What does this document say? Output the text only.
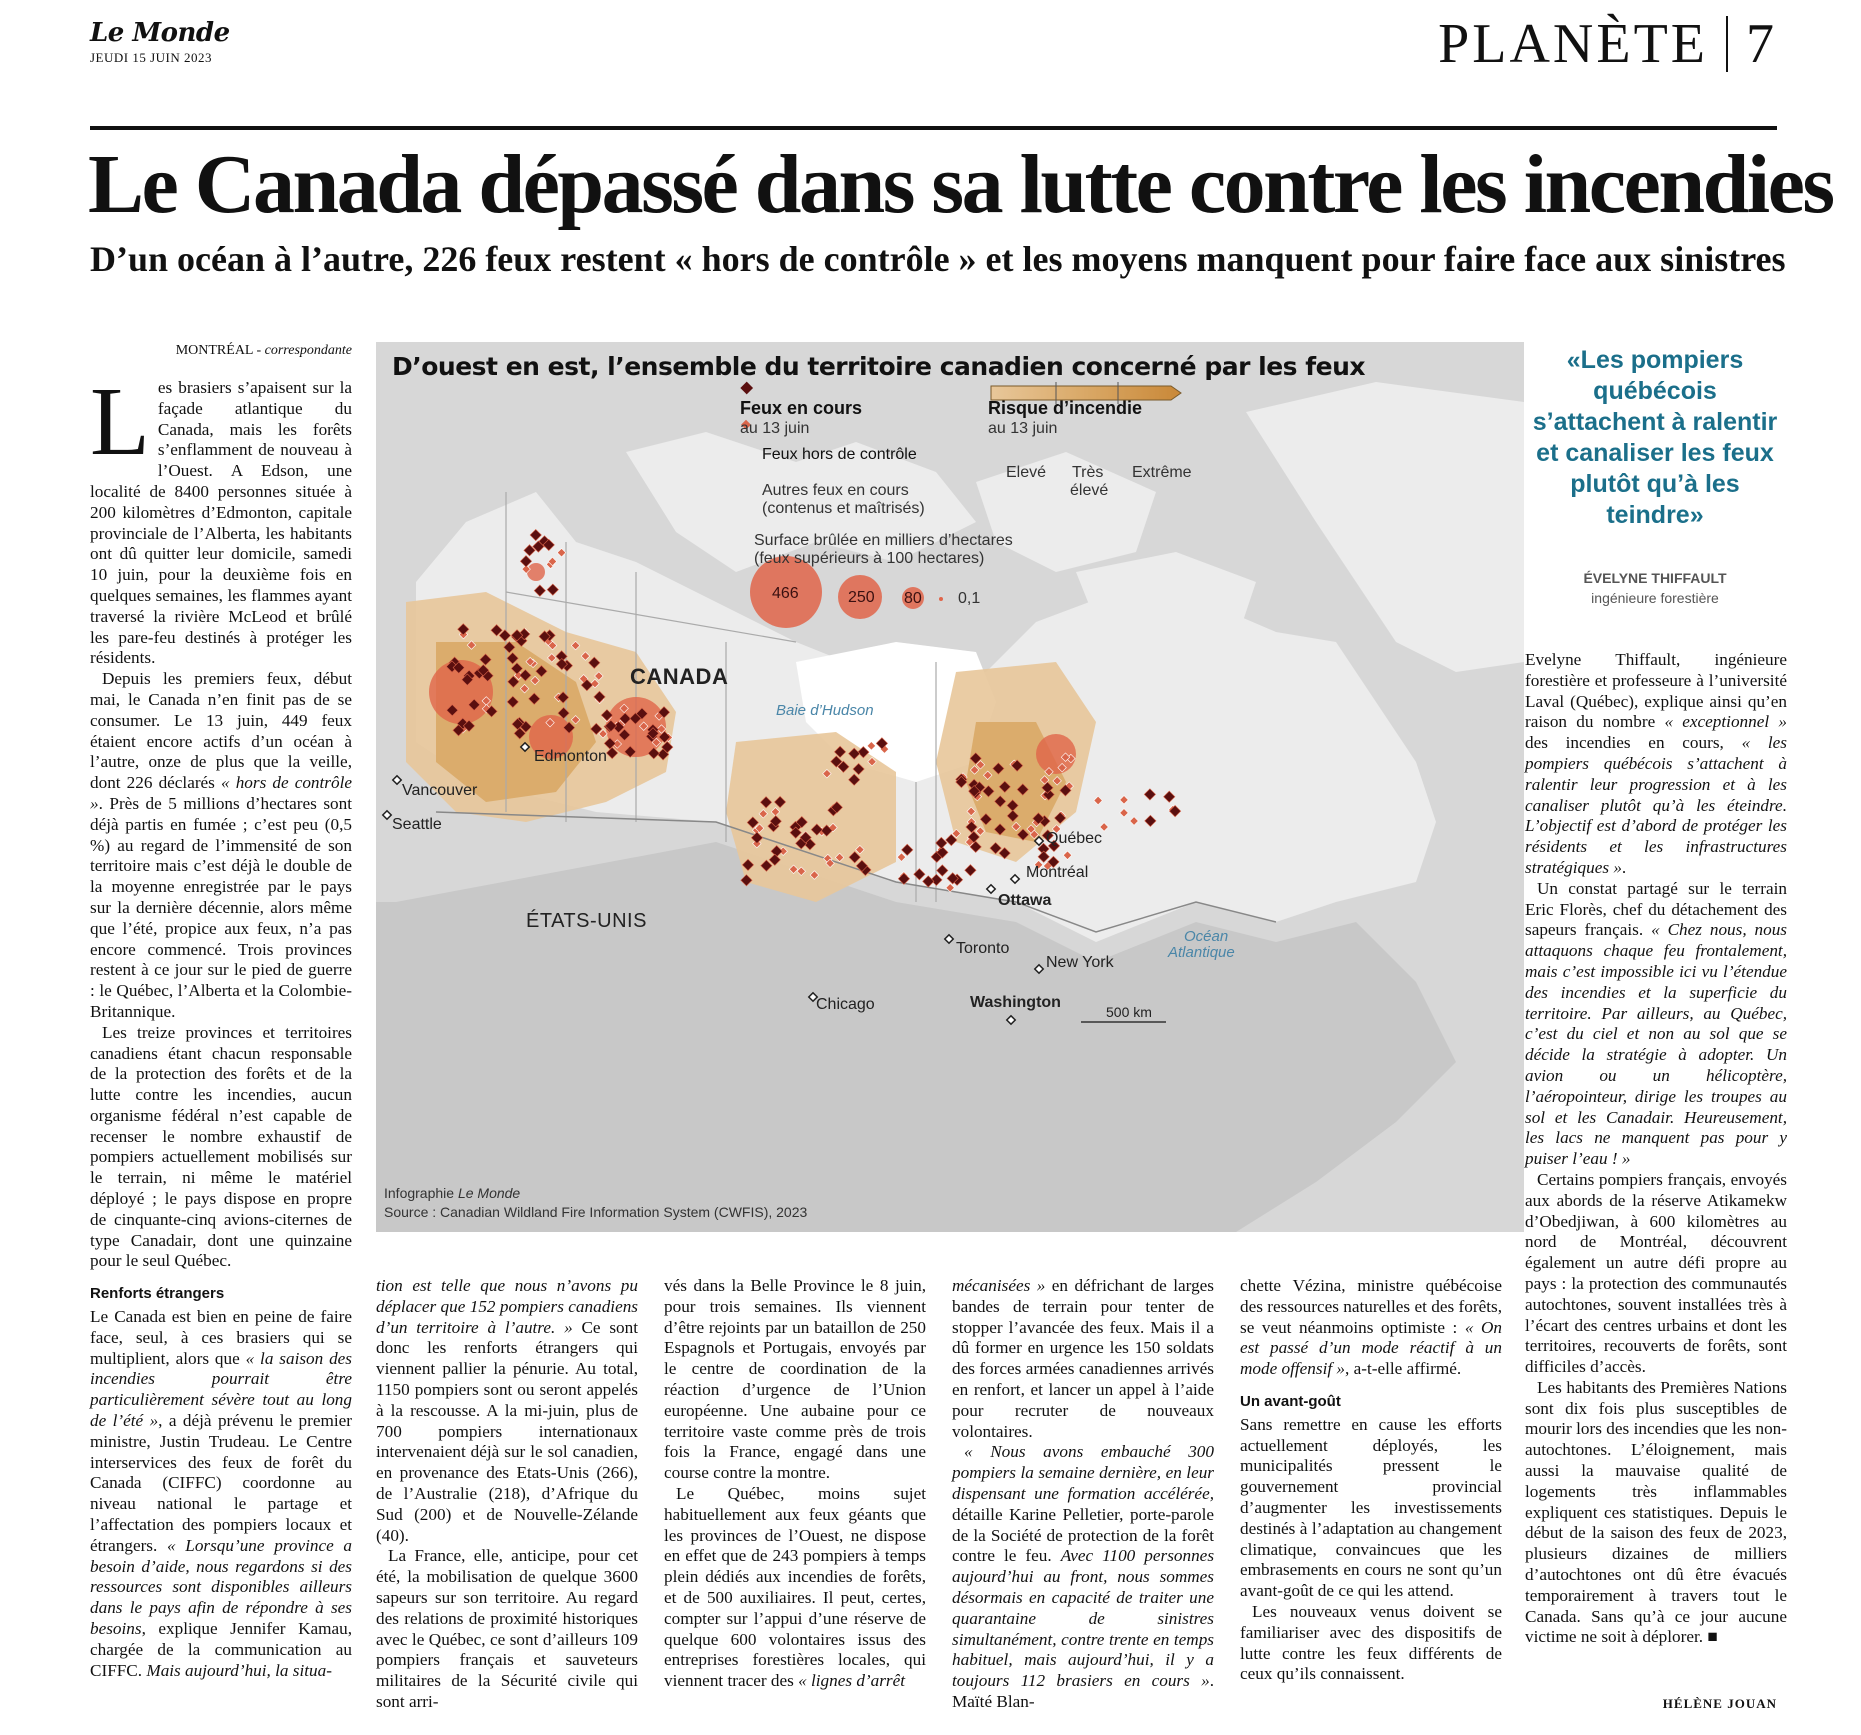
Le Monde
JEUDI 15 JUIN 2023	PLANÈTE 7
Le Canada dépassé dans sa lutte contre les incendies
D’un océan à l’autre, 226 feux restent « hors de contrôle » et les moyens manquent pour faire face aux sinistres
MONTRÉAL - correspondante

Les brasiers s’apaisent sur la façade atlantique du Canada, mais les forêts s’enflamment de nouveau à l’Ouest. A Edson, une localité de 8400 personnes située à 200 kilomètres d’Edmonton, capitale provinciale de l’Alberta, les habitants ont dû quitter leur domicile, samedi 10 juin, pour la deuxième fois en quelques semaines, les flammes ayant traversé la rivière McLeod et brûlé les pare-feu destinés à protéger les résidents.

Depuis les premiers feux, début mai, le Canada n’en finit pas de se consumer. Le 13 juin, 449 feux étaient encore actifs d’un océan à l’autre, onze de plus que la veille, dont 226 déclarés « hors de contrôle ». Près de 5 millions d’hectares sont déjà partis en fumée ; c’est peu (0,5 %) au regard de l’immensité de son territoire mais c’est déjà le double de la moyenne enregistrée par le pays sur la dernière décennie, alors même que l’été, propice aux feux, n’a pas encore commencé. Trois provinces restent à ce jour sur le pied de guerre : le Québec, l’Alberta et la Colombie-Britannique.

Les treize provinces et territoires canadiens étant chacun responsable de la protection des forêts et de la lutte contre les incendies, aucun organisme fédéral n’est capable de recenser le nombre exhaustif de pompiers actuellement mobilisés sur le terrain, ni même le matériel déployé ; le pays dispose en propre de cinquante-cinq avions-citernes de type Canadair, dont une quinzaine pour le seul Québec.

Renforts étrangers

Le Canada est bien en peine de faire face, seul, à ces brasiers qui se multiplient, alors que « la saison des incendies pourrait être particulièrement sévère tout au long de l’été », a déjà prévenu le premier ministre, Justin Trudeau. Le Centre interservices des feux de forêt du Canada (CIFFC) coordonne au niveau national le partage et l’affectation des pompiers locaux et étrangers. « Lorsqu’une province a besoin d’aide, nous regardons si des ressources sont disponibles ailleurs dans le pays afin de répondre à ses besoins, explique Jennifer Kamau, chargée de la communication au CIFFC. Mais aujourd’hui, la situa-

tion est telle que nous n’avons pu déplacer que 152 pompiers canadiens d’un territoire à l’autre. » Ce sont donc les renforts étrangers qui viennent pallier la pénurie. Au total, 1150 pompiers sont ou seront appelés à la rescousse. A la mi-juin, plus de 700 pompiers internationaux intervenaient déjà sur le sol canadien, en provenance des Etats-Unis (266), de l’Australie (218), d’Afrique du Sud (200) et de Nouvelle-Zélande (40).

La France, elle, anticipe, pour cet été, la mobilisation de quelque 3600 sapeurs sur son territoire. Au regard des relations de proximité historiques avec le Québec, ce sont d’ailleurs 109 pompiers français et sauveteurs militaires de la Sécurité civile qui sont arri-

vés dans la Belle Province le 8 juin, pour trois semaines. Ils viennent d’être rejoints par un bataillon de 250 Espagnols et Portugais, envoyés par le centre de coordination de la réaction d’urgence de l’Union européenne. Une aubaine pour ce territoire vaste comme près de trois fois la France, engagé dans une course contre la montre.

Le Québec, moins sujet habituellement aux feux géants que les provinces de l’Ouest, ne dispose en effet que de 243 pompiers à temps plein dédiés aux incendies de forêts, et de 500 auxiliaires. Il peut, certes, compter sur l’appui d’une réserve de quelque 600 volontaires issus des entreprises forestières locales, qui viennent tracer des « lignes d’arrêt

mécanisées » en défrichant de larges bandes de terrain pour tenter de stopper l’avancée des feux. Mais il a dû former en urgence les 150 soldats des forces armées canadiennes arrivés en renfort, et lancer un appel à l’aide pour recruter de nouveaux volontaires.

« Nous avons embauché 300 pompiers la semaine dernière, en leur dispensant une formation accélérée, détaille Karine Pelletier, porte-parole de la Société de protection de la forêt contre le feu. Avec 1100 personnes aujourd’hui au front, nous sommes désormais en capacité de traiter une quarantaine de sinistres simultanément, contre trente en temps habituel, mais aujourd’hui, il y a toujours 112 brasiers en cours ». Maïté Blan-

chette Vézina, ministre québécoise des ressources naturelles et des forêts, se veut néanmoins optimiste : « On est passé d’un mode réactif à un mode offensif », a-t-elle affirmé.

Un avant-goût

Sans remettre en cause les efforts actuellement déployés, les municipalités pressent le gouvernement provincial d’augmenter les investissements destinés à l’adaptation au changement climatique, convaincues que les embrasements en cours ne sont qu’un avant-goût de ce qui les attend.

Les nouveaux venus doivent se familiariser avec des dispositifs de lutte contre les feux différents de ceux qu’ils connaissent.

«Les pompiers québécois s’attachent à ralentir et canaliser les feux plutôt qu’à les teindre»
ÉVELYNE THIFFAULT
ingénieure forestière

Evelyne Thiffault, ingénieure forestière et professeure à l’université Laval (Québec), explique ainsi qu’en raison du nombre « exceptionnel » des incendies en cours, « les pompiers québécois s’attachent à ralentir leur progression et à les canaliser plutôt qu’à les éteindre. L’objectif est d’abord de protéger les résidents et les infrastructures stratégiques ».

Un constat partagé sur le terrain Eric Florès, chef du détachement des sapeurs français. « Chez nous, nous attaquons chaque feu frontalement, mais c’est impossible ici vu l’étendue des incendies et la superficie du territoire. Par ailleurs, au Québec, c’est du ciel et non au sol que se décide la stratégie à adopter. Un avion ou un hélicoptère, l’aéropointeur, dirige les troupes au sol et les Canadair. Heureusement, les lacs ne manquent pas pour y puiser l’eau ! »

Certains pompiers français, envoyés aux abords de la réserve Atikamekw d’Obedjiwan, à 600 kilomètres au nord de Montréal, découvrent également un autre défi propre au pays : la protection des communautés autochtones, souvent installées très à l’écart des centres urbains et dont les territoires, recouverts de forêts, sont difficiles d’accès.

Les habitants des Premières Nations sont dix fois plus susceptibles de mourir lors des incendies que les non-autochtones. L’éloignement, mais aussi la mauvaise qualité de logements très inflammables expliquent ces statistiques. Depuis le début de la saison des feux de 2023, plusieurs dizaines de milliers d’autochtones ont dû être évacués temporairement à travers tout le Canada. Sans qu’à ce jour aucune victime ne soit à déplorer. ■

HÉLÈNE JOUAN
D’ouest en est, l’ensemble du territoire canadien concerné par les feux
Feux en cours
au 13 juin
Feux hors de contrôle
Autres feux en cours
(contenus et maîtrisés)
Surface brûlée en milliers d’hectares
(feux supérieurs à 100 hectares)
466	250 80 0,1
Risque d’incendie
au 13 juin
Elevé Très
élevé
Extrême
CANADA
ÉTATS-UNIS
Baie d’Hudson
Océan
Atlantique
Edmonton
Vancouver
Seattle
Québec
Montréal
Ottawa
Toronto
New York
Chicago	Washington
500 km
Infographie Le Monde
Source : Canadian Wildland Fire Information System (CWFIS), 2023
